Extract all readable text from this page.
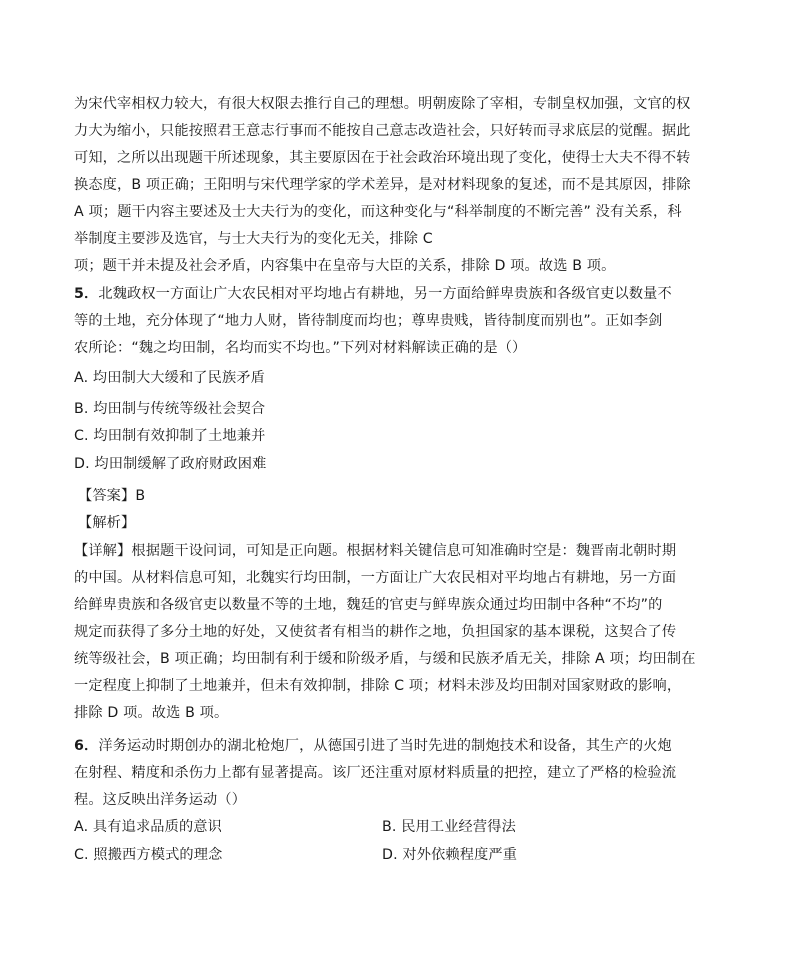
为宋代宰相权力较大，有很大权限去推行自己的理想。明朝废除了宰相，专制皇权加强，文官的权
力大为缩小，只能按照君王意志行事而不能按自己意志改造社会，只好转而寻求底层的觉醒。据此
可知，之所以出现题干所述现象，其主要原因在于社会政治环境出现了变化，使得士大夫不得不转
换态度，B 项正确；王阳明与宋代理学家的学术差异，是对材料现象的复述，而不是其原因，排除
A 项；题干内容主要述及士大夫行为的变化，而这种变化与“科举制度的不断完善” 没有关系，科
举制度主要涉及选官，与士大夫行为的变化无关，排除 C
项；题干并未提及社会矛盾，内容集中在皇帝与大臣的关系，排除 D 项。故选 B 项。
5．北魏政权一方面让广大农民相对平均地占有耕地，另一方面给鲜卑贵族和各级官吏以数量不
等的土地，充分体现了“地力人财，皆待制度而均也；尊卑贵贱，皆待制度而别也”。正如李剑
农所论：“魏之均田制，名均而实不均也。”下列对材料解读正确的是（）
A. 均田制大大缓和了民族矛盾
B. 均田制与传统等级社会契合
C. 均田制有效抑制了土地兼并
D. 均田制缓解了政府财政困难
【答案】B
【解析】
【详解】根据题干设问词，可知是正向题。根据材料关键信息可知准确时空是：魏晋南北朝时期
的中国。从材料信息可知，北魏实行均田制，一方面让广大农民相对平均地占有耕地，另一方面
给鲜卑贵族和各级官吏以数量不等的土地，魏廷的官吏与鲜卑族众通过均田制中各种“不均”的
规定而获得了多分土地的好处，又使贫者有相当的耕作之地，负担国家的基本课税，这契合了传
统等级社会，B 项正确；均田制有利于缓和阶级矛盾，与缓和民族矛盾无关，排除 A 项；均田制在
一定程度上抑制了土地兼并，但未有效抑制，排除 C 项；材料未涉及均田制对国家财政的影响，
排除 D 项。故选 B 项。
6．洋务运动时期创办的湖北枪炮厂，从德国引进了当时先进的制炮技术和设备，其生产的火炮
在射程、精度和杀伤力上都有显著提高。该厂还注重对原材料质量的把控，建立了严格的检验流
程。这反映出洋务运动（）
A. 具有追求品质的意识	B. 民用工业经营得法
C. 照搬西方模式的理念	D. 对外依赖程度严重
